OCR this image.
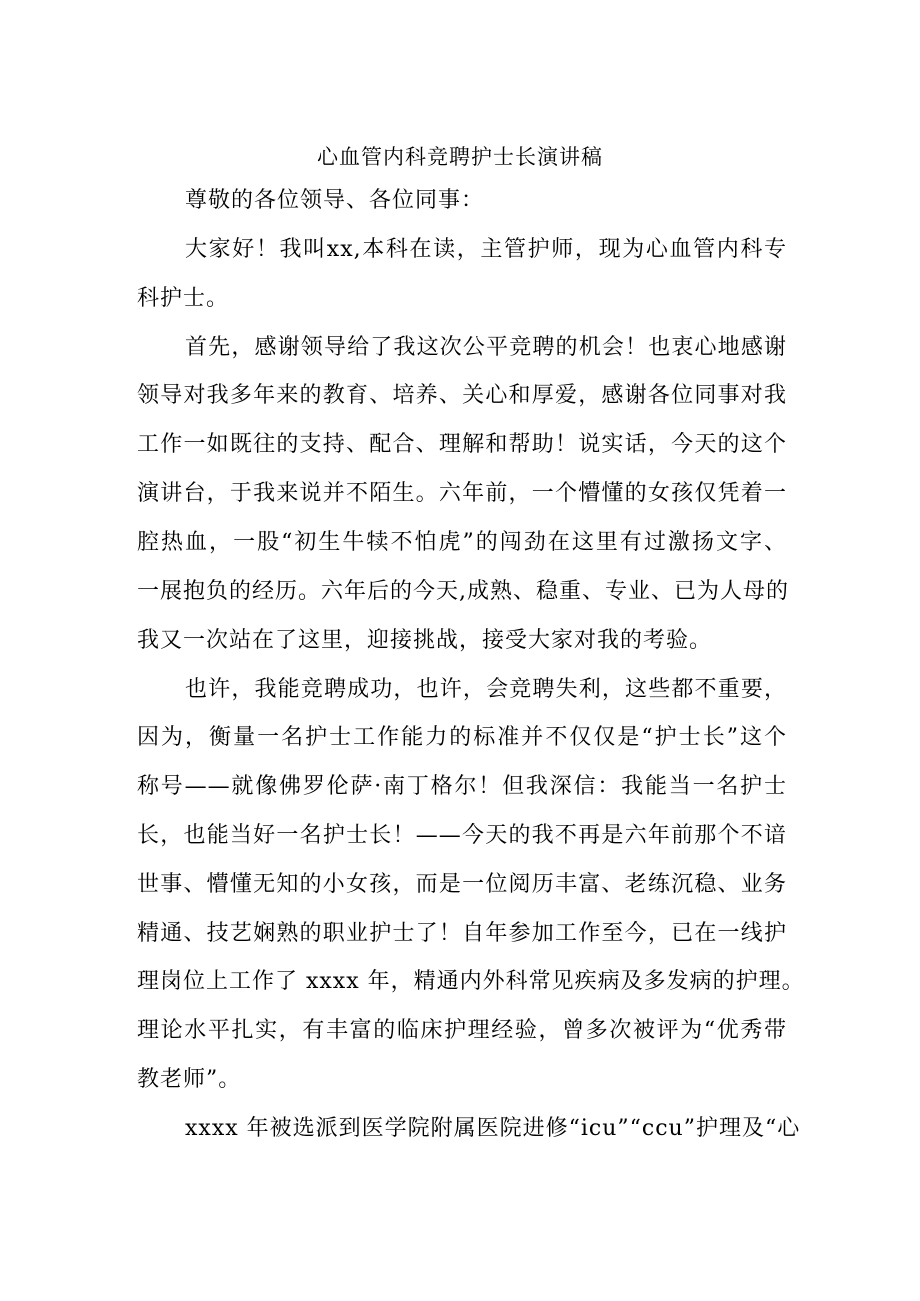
心血管内科竞聘护士长演讲稿
尊敬的各位领导、各位同事：
大家好！我叫xx,本科在读，主管护师，现为心血管内科专
科护士。
首先，感谢领导给了我这次公平竞聘的机会！也衷心地感谢
领导对我多年来的教育、培养、关心和厚爱，感谢各位同事对我
工作一如既往的支持、配合、理解和帮助！说实话，今天的这个
演讲台，于我来说并不陌生。六年前，一个懵懂的女孩仅凭着一
腔热血，一股“初生牛犊不怕虎”的闯劲在这里有过激扬文字、
一展抱负的经历。六年后的今天,成熟、稳重、专业、已为人母的
我又一次站在了这里，迎接挑战，接受大家对我的考验。
也许，我能竞聘成功，也许，会竞聘失利，这些都不重要，
因为，衡量一名护士工作能力的标准并不仅仅是“护士长”这个
称号——就像佛罗伦萨·南丁格尔！但我深信：我能当一名护士
长，也能当好一名护士长！——今天的我不再是六年前那个不谙
世事、懵懂无知的小女孩，而是一位阅历丰富、老练沉稳、业务
精通、技艺娴熟的职业护士了！自年参加工作至今，已在一线护
理岗位上工作了 xxxx 年，精通内外科常见疾病及多发病的护理。
理论水平扎实，有丰富的临床护理经验，曾多次被评为“优秀带
教老师”。
xxxx 年被选派到医学院附属医院进修“icu”“ccu”护理及“心
